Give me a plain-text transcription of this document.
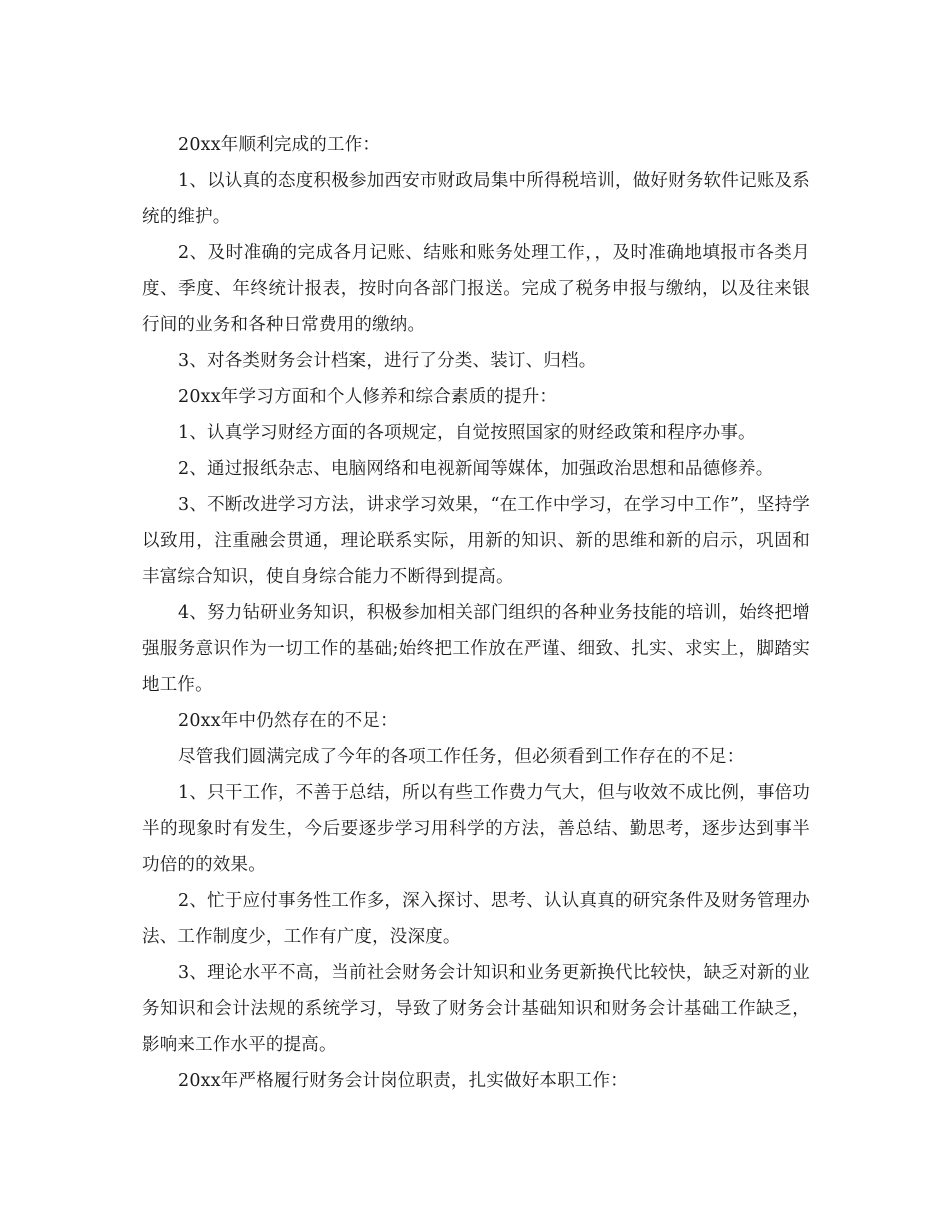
20xx年顺利完成的工作：

1、以认真的态度积极参加西安市财政局集中所得税培训，做好财务软件记账及系统的维护。

2、及时准确的完成各月记账、结账和账务处理工作，，及时准确地填报市各类月度、季度、年终统计报表，按时向各部门报送。完成了税务申报与缴纳，以及往来银行间的业务和各种日常费用的缴纳。

3、对各类财务会计档案，进行了分类、装订、归档。

20xx年学习方面和个人修养和综合素质的提升：

1、认真学习财经方面的各项规定，自觉按照国家的财经政策和程序办事。

2、通过报纸杂志、电脑网络和电视新闻等媒体，加强政治思想和品德修养。

3、不断改进学习方法，讲求学习效果，“在工作中学习，在学习中工作”，坚持学以致用，注重融会贯通，理论联系实际，用新的知识、新的思维和新的启示，巩固和丰富综合知识，使自身综合能力不断得到提高。

4、努力钻研业务知识，积极参加相关部门组织的各种业务技能的培训，始终把增强服务意识作为一切工作的基础;始终把工作放在严谨、细致、扎实、求实上，脚踏实地工作。

20xx年中仍然存在的不足：

尽管我们圆满完成了今年的各项工作任务，但必须看到工作存在的不足：

1、只干工作，不善于总结，所以有些工作费力气大，但与收效不成比例，事倍功半的现象时有发生，今后要逐步学习用科学的方法，善总结、勤思考，逐步达到事半功倍的的效果。

2、忙于应付事务性工作多，深入探讨、思考、认认真真的研究条件及财务管理办法、工作制度少，工作有广度，没深度。

3、理论水平不高，当前社会财务会计知识和业务更新换代比较快，缺乏对新的业务知识和会计法规的系统学习，导致了财务会计基础知识和财务会计基础工作缺乏，影响来工作水平的提高。

20xx年严格履行财务会计岗位职责，扎实做好本职工作：
